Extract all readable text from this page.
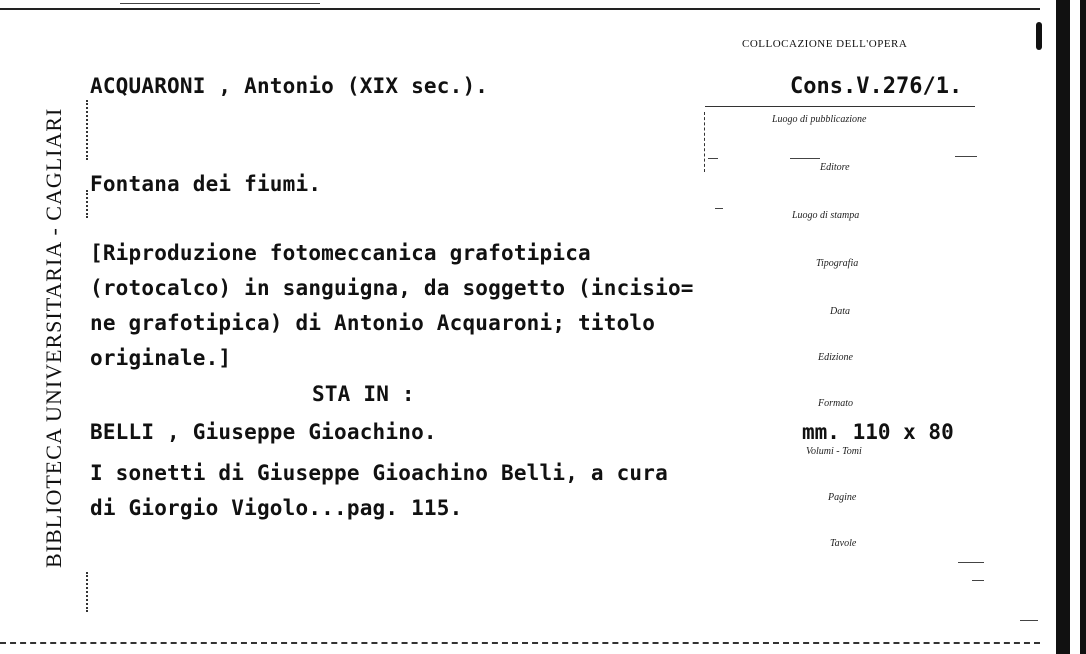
BIBLIOTECA UNIVERSITARIA - CAGLIARI
ACQUARONI , Antonio (XIX sec.).
Fontana dei fiumi.
[Riproduzione fotomeccanica grafotipica
(rotocalco) in sanguigna, da soggetto (incisio=
ne grafotipica) di Antonio Acquaroni; titolo
originale.]
STA IN :
BELLI , Giuseppe Gioachino.
I sonetti di Giuseppe Gioachino Belli, a cura
di Giorgio Vigolo...pag. 115.
COLLOCAZIONE DELL'OPERA
Cons.V.276/1.
Luogo di pubblicazione
Editore
Luogo di stampa
Tipografia
Data
Edizione
Formato
mm. 110 x 80
Volumi - Tomi
Pagine
Tavole
